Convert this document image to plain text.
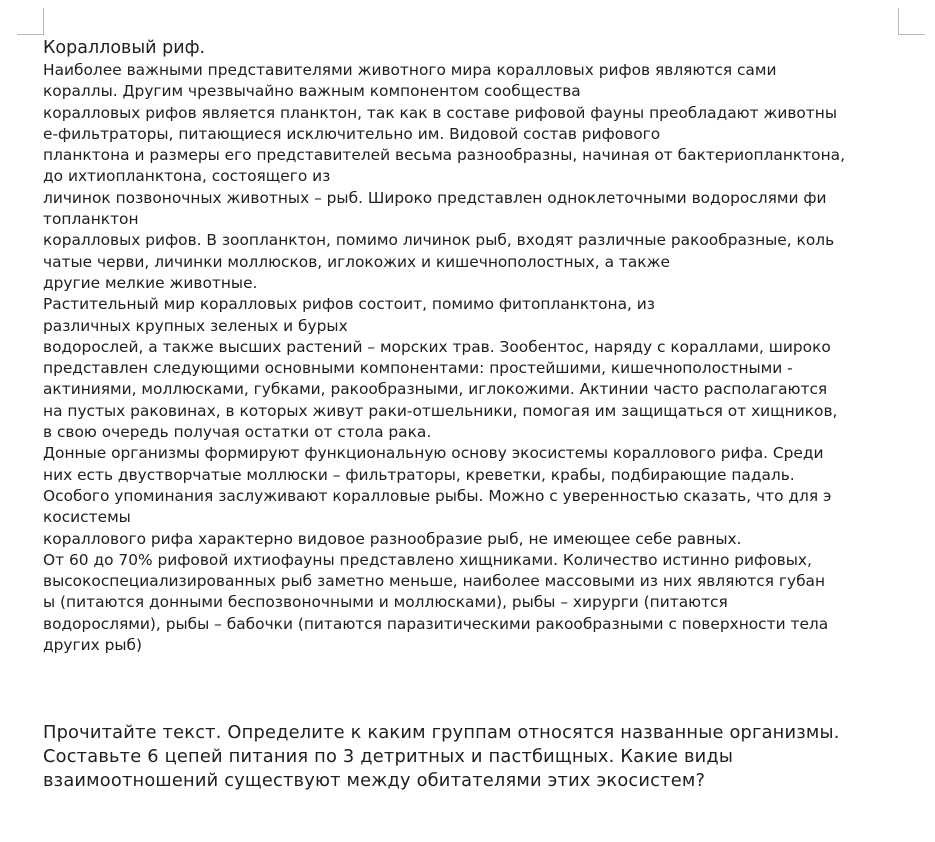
Коралловый риф.

Наиболее важными представителями животного мира коралловых рифов являются сами

кораллы. Другим чрезвычайно важным компонентом сообщества

коралловых рифов является планктон, так как в составе рифовой фауны преобладают животны

е-фильтраторы, питающиеся исключительно им. Видовой состав рифового

планктона и размеры его представителей весьма разнообразны, начиная от бактериопланктона,

до ихтиопланктона, состоящего из

личинок позвоночных животных – рыб. Широко представлен одноклеточными водорослями фи

топланктон

коралловых рифов. В зоопланктон, помимо личинок рыб, входят различные ракообразные, коль

чатые черви, личинки моллюсков, иглокожих и кишечнополостных, а также

другие мелкие животные.

Растительный мир коралловых рифов состоит, помимо фитопланктона, из

различных крупных зеленых и бурых

водорослей, а также высших растений – морских трав. Зообентос, наряду с кораллами, широко

представлен следующими основными компонентами: простейшими, кишечнополостными -

актиниями, моллюсками, губками, ракообразными, иглокожими. Актинии часто располагаются

на пустых раковинах, в которых живут раки-отшельники, помогая им защищаться от хищников,

в свою очередь получая остатки от стола рака.

Донные организмы формируют функциональную основу экосистемы кораллового рифа. Среди

них есть двустворчатые моллюски – фильтраторы, креветки, крабы, подбирающие падаль.

Особого упоминания заслуживают коралловые рыбы. Можно с уверенностью сказать, что для э

косистемы

кораллового рифа характерно видовое разнообразие рыб, не имеющее себе равных.

От 60 до 70% рифовой ихтиофауны представлено хищниками. Количество истинно рифовых,

высокоспециализированных рыб заметно меньше, наиболее массовыми из них являются губан

ы (питаются донными беспозвоночными и моллюсками), рыбы – хирурги (питаются

водорослями), рыбы – бабочки (питаются паразитическими ракообразными с поверхности тела

других рыб)

Прочитайте текст. Определите к каким группам относятся названные организмы.

Составьте 6 цепей питания по 3 детритных и пастбищных. Какие виды

взаимоотношений существуют между обитателями этих экосистем?
